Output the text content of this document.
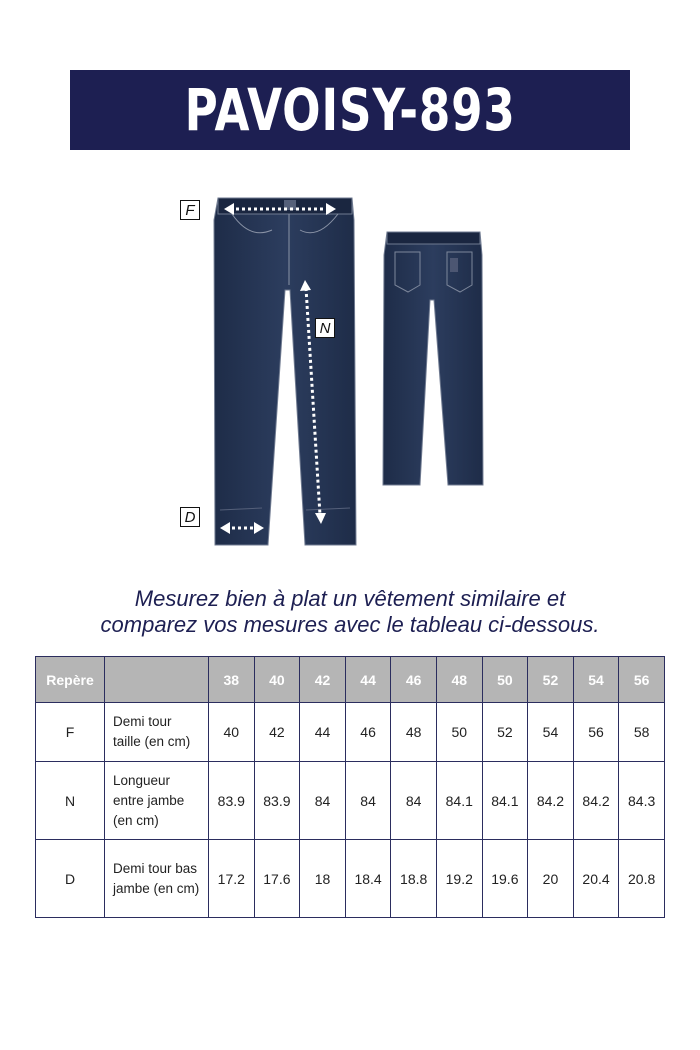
PAVOISY-893
F
N
D
Mesurez bien à plat un vêtement similaire et
comparez vos mesures avec le tableau ci-dessous.
Repère		38	40	42	44	46	48	50	52	54	56
F	Demi tour taille (en cm)	40	42	44	46	48	50	52	54	56	58
N	Longueur entre jambe (en cm)	83.9	83.9	84	84	84	84.1	84.1	84.2	84.2	84.3
D	Demi tour bas jambe (en cm)	17.2	17.6	18	18.4	18.8	19.2	19.6	20	20.4	20.8
